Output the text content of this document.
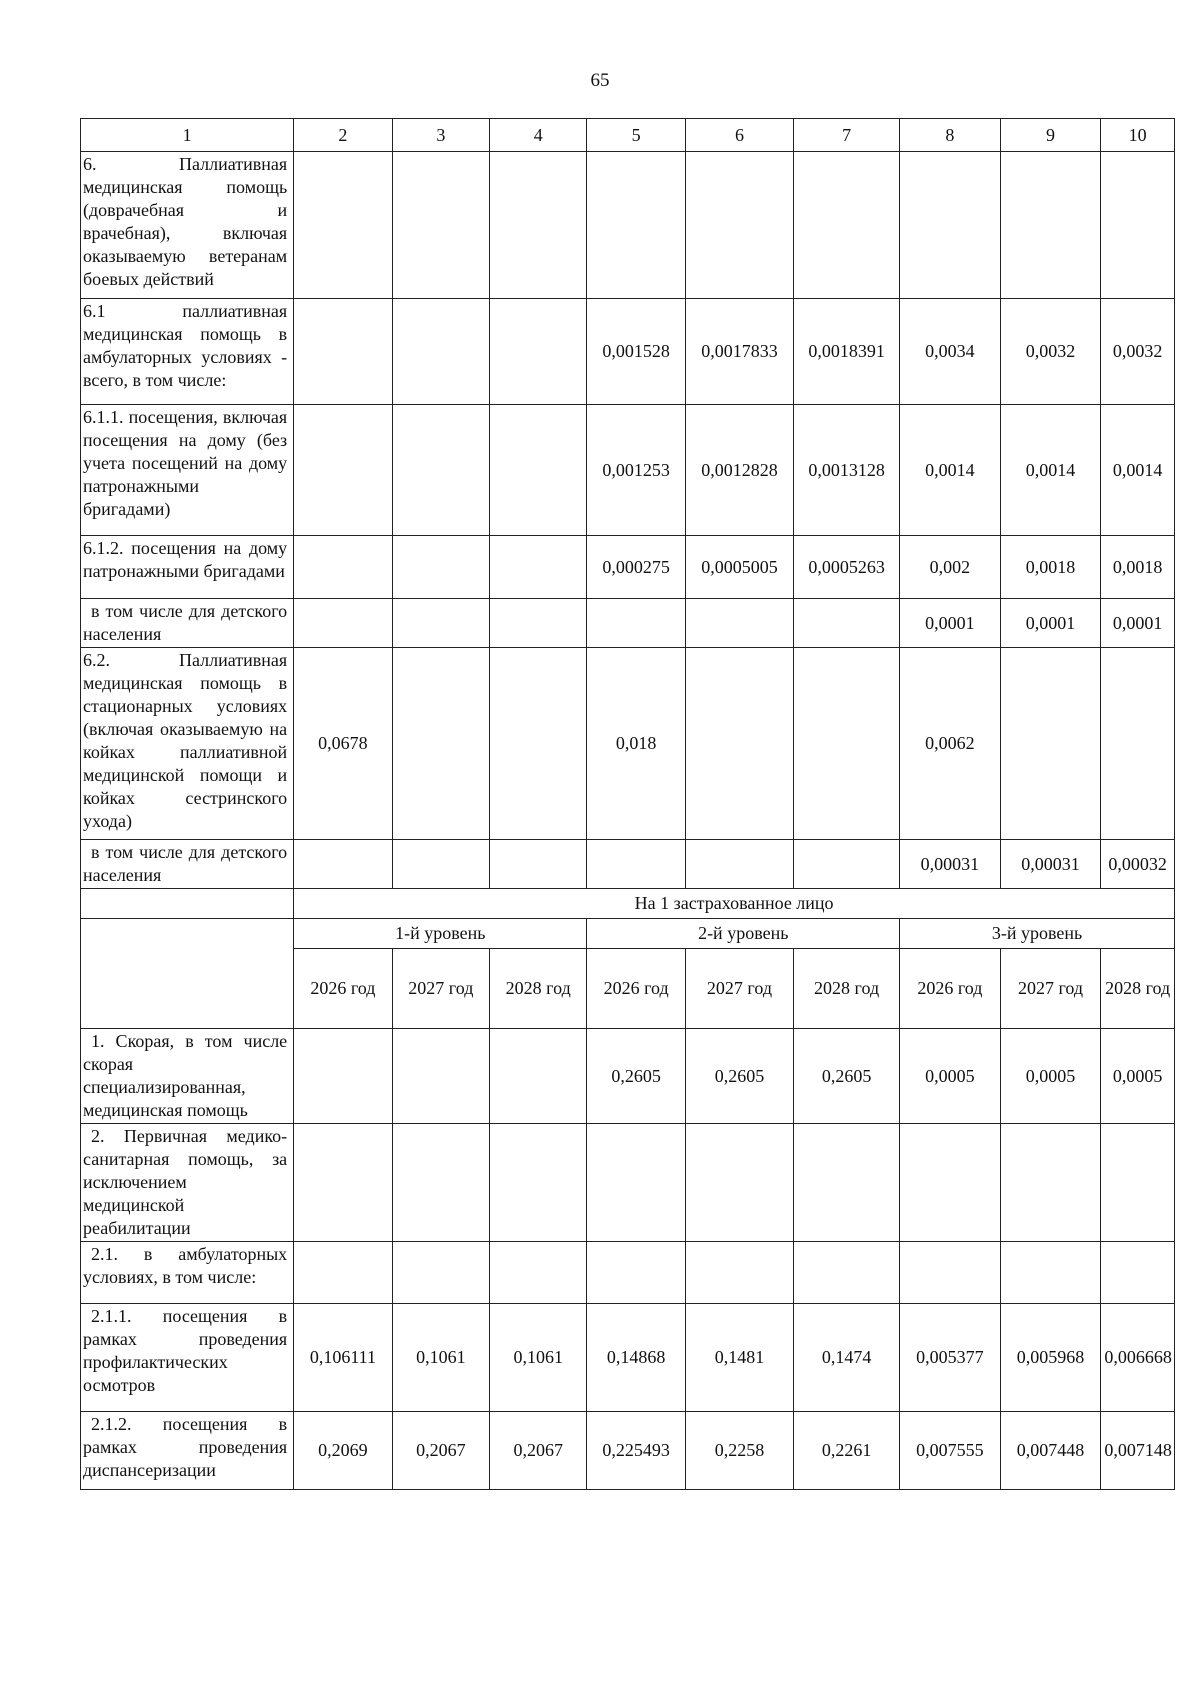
65
1	2	3	4	5	6	7	8	9	10
6. Паллиативная медицинская помощь (доврачебная и врачебная), включая оказываемую ветеранам боевых действий									
6.1 паллиативная медицинская помощь в амбулаторных условиях - всего, в том числе:				0,001528	0,0017833	0,0018391	0,0034	0,0032	0,0032
6.1.1. посещения, включая посещения на дому (без учета посещений на дому патронажными бригадами)				0,001253	0,0012828	0,0013128	0,0014	0,0014	0,0014
6.1.2. посещения на дому патронажными бригадами				0,000275	0,0005005	0,0005263	0,002	0,0018	0,0018
в том числе для детского населения							0,0001	0,0001	0,0001
6.2. Паллиативная медицинская помощь в стационарных условиях (включая оказываемую на койках паллиативной медицинской помощи и койках сестринского ухода)	0,0678			0,018			0,0062		
в том числе для детского населения							0,00031	0,00031	0,00032
	На 1 застрахованное лицо								
	1-й уровень			2-й уровень			3-й уровень		
	2026 год	2027 год	2028 год	2026 год	2027 год	2028 год	2026 год	2027 год	2028 год
1. Скорая, в том числе скорая специализированная, медицинская помощь				0,2605	0,2605	0,2605	0,0005	0,0005	0,0005
2. Первичная медико-санитарная помощь, за исключением медицинской реабилитации									
2.1. в амбулаторных условиях, в том числе:									
2.1.1. посещения в рамках проведения профилактических осмотров	0,106111	0,1061	0,1061	0,14868	0,1481	0,1474	0,005377	0,005968	0,006668
2.1.2. посещения в рамках проведения диспансеризации	0,2069	0,2067	0,2067	0,225493	0,2258	0,2261	0,007555	0,007448	0,007148
